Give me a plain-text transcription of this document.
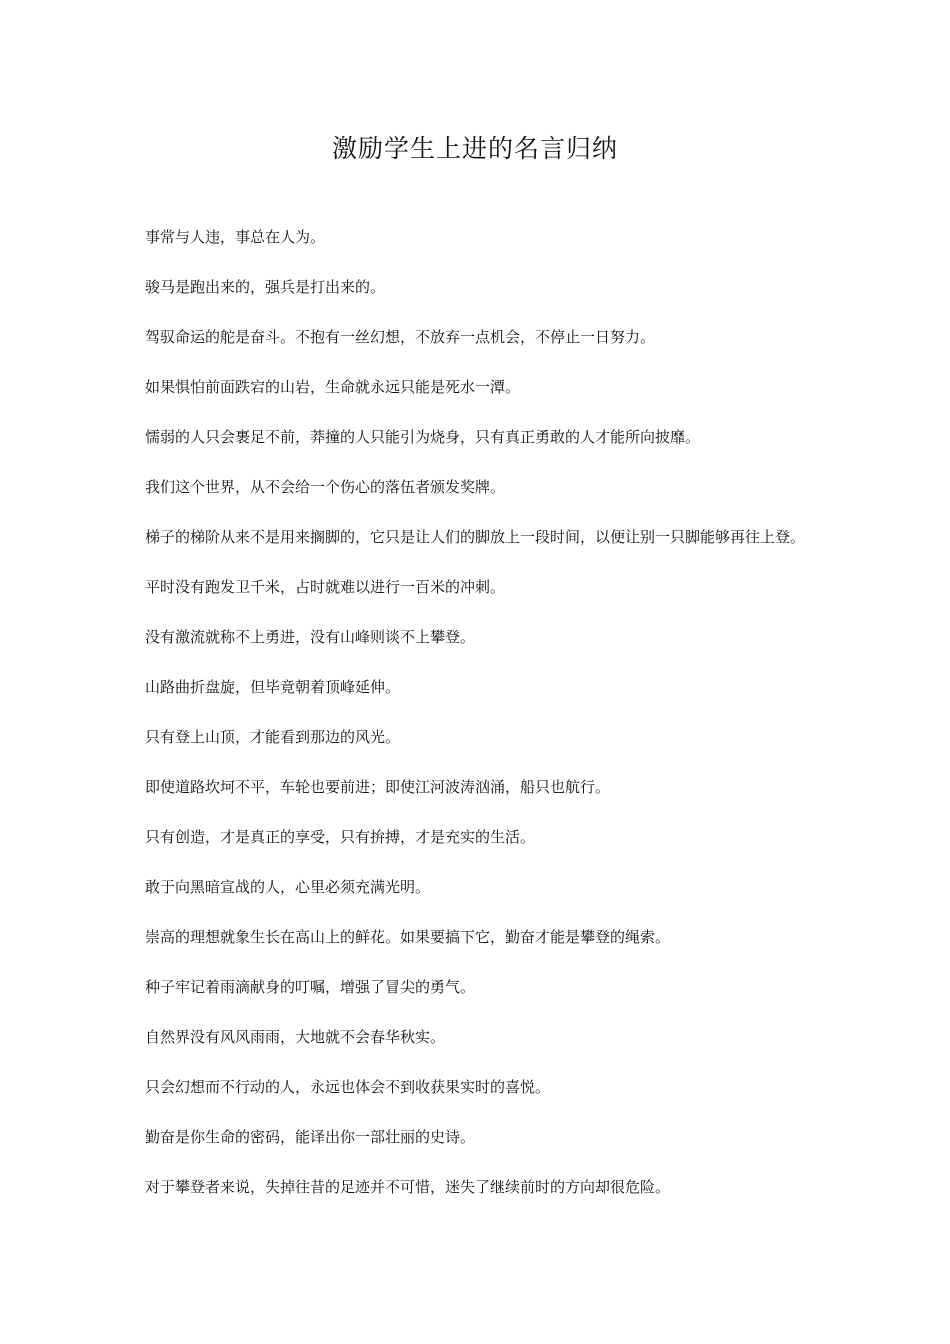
激励学生上进的名言归纳
事常与人违，事总在人为。
骏马是跑出来的，强兵是打出来的。
驾驭命运的舵是奋斗。不抱有一丝幻想，不放弃一点机会，不停止一日努力。
如果惧怕前面跌宕的山岩，生命就永远只能是死水一潭。
懦弱的人只会裹足不前，莽撞的人只能引为烧身，只有真正勇敢的人才能所向披靡。
我们这个世界，从不会给一个伤心的落伍者颁发奖牌。
梯子的梯阶从来不是用来搁脚的，它只是让人们的脚放上一段时间，以便让别一只脚能够再往上登。
平时没有跑发卫千米，占时就难以进行一百米的冲刺。
没有激流就称不上勇进，没有山峰则谈不上攀登。
山路曲折盘旋，但毕竟朝着顶峰延伸。
只有登上山顶，才能看到那边的风光。
即使道路坎坷不平，车轮也要前进；即使江河波涛汹涌，船只也航行。
只有创造，才是真正的享受，只有拚搏，才是充实的生活。
敢于向黑暗宣战的人，心里必须充满光明。
崇高的理想就象生长在高山上的鲜花。如果要搞下它，勤奋才能是攀登的绳索。
种子牢记着雨滴献身的叮嘱，增强了冒尖的勇气。
自然界没有风风雨雨，大地就不会春华秋实。
只会幻想而不行动的人，永远也体会不到收获果实时的喜悦。
勤奋是你生命的密码，能译出你一部壮丽的史诗。
对于攀登者来说，失掉往昔的足迹并不可惜，迷失了继续前时的方向却很危险。
